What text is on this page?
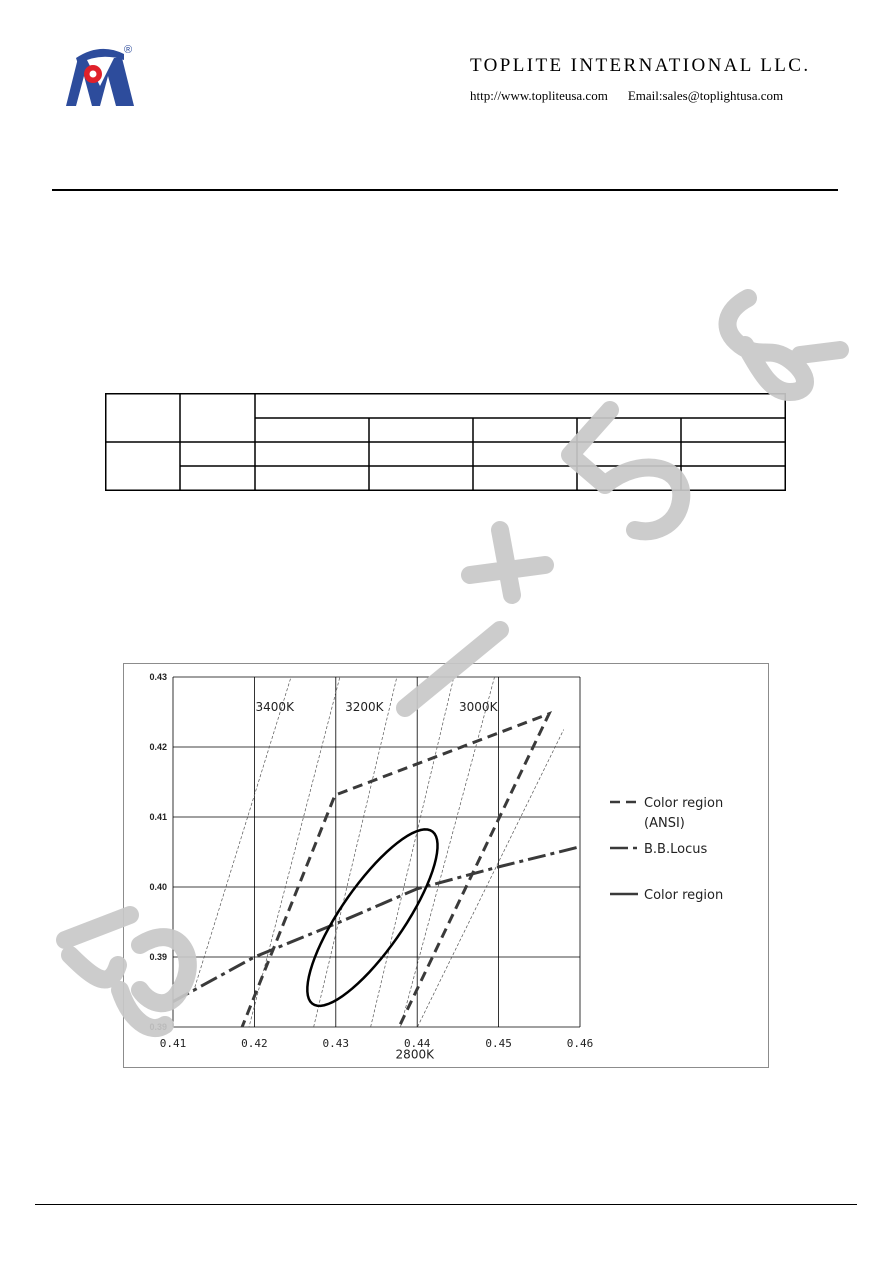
®
TOPLITE INTERNATIONAL LLC.
http://www.topliteusa.com Email:sales@toplightusa.com
0.41	0.42	0.43	0.44	0.45	0.46
0.39
0.39
0.40
0.41
0.42
0.43
3400K	3200K	3000K
2800K
Color region
B.B.Locus
Color region
(ANSI)
